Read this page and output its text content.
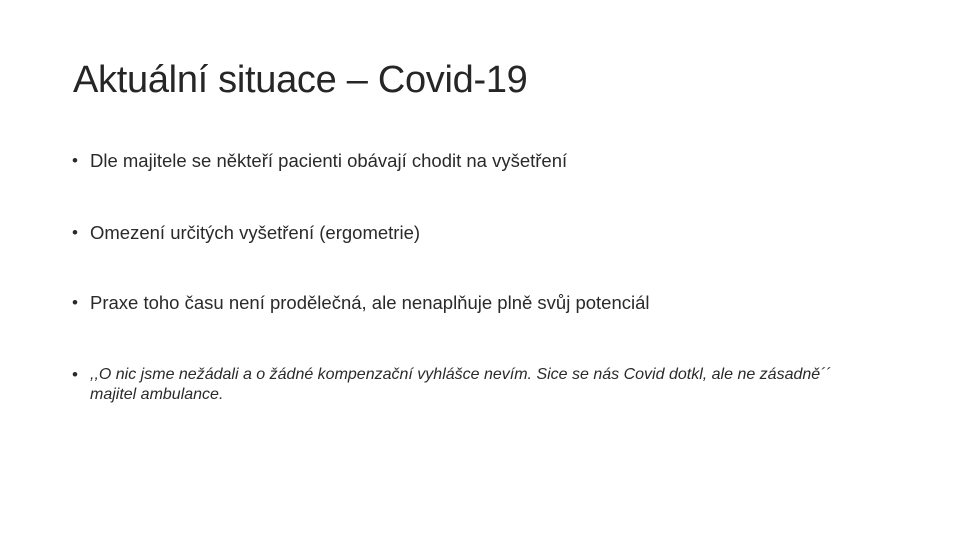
Aktuální situace – Covid-19
• Dle majitele se někteří pacienti obávají chodit na vyšetření
• Omezení určitých vyšetření (ergometrie)
• Praxe toho času není prodělečná, ale nenaplňuje plně svůj potenciál
• ,,O nic jsme nežádali a o žádné kompenzační vyhlášce nevím. Sice se nás Covid dotkl, ale ne zásadně´´ majitel ambulance.
